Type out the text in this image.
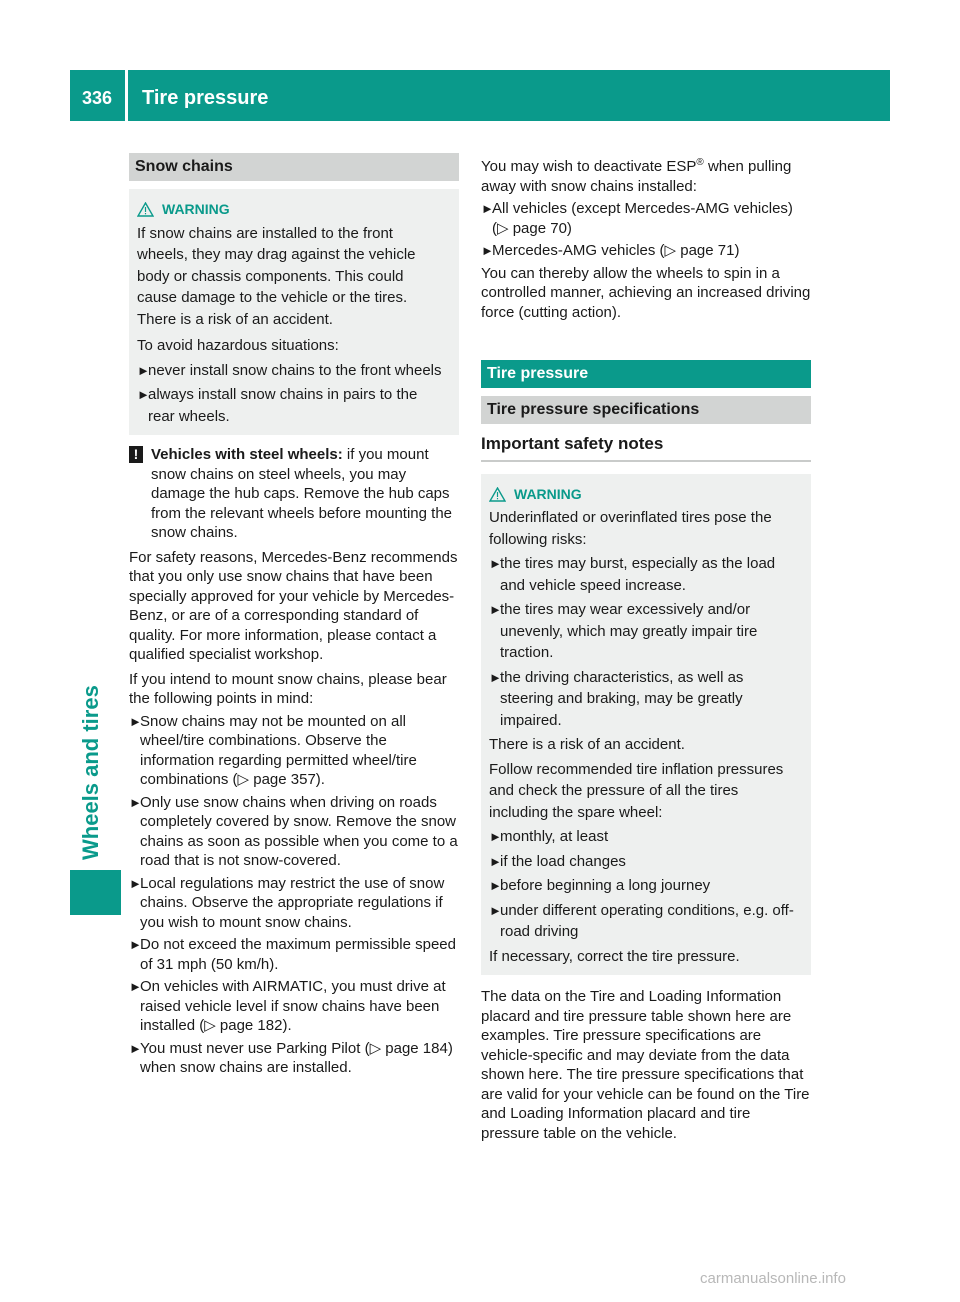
336 Tire pressure
Wheels and tires
Snow chains
WARNING

If snow chains are installed to the front wheels, they may drag against the vehicle body or chassis components. This could cause damage to the vehicle or the tires. There is a risk of an accident.

To avoid hazardous situations:

►
never install snow chains to the front wheels
►
always install snow chains in pairs to the rear wheels.
! Vehicles with steel wheels: if you mount snow chains on steel wheels, you may damage the hub caps. Remove the hub caps from the relevant wheels before mounting the snow chains.

For safety reasons, Mercedes-Benz recommends that you only use snow chains that have been specially approved for your vehicle by Mercedes-Benz, or are of a corresponding standard of quality. For more information, please contact a qualified specialist workshop.

If you intend to mount snow chains, please bear the following points in mind:

►
Snow chains may not be mounted on all wheel/tire combinations. Observe the information regarding permitted wheel/tire combinations (▷ page 357).
►
Only use snow chains when driving on roads completely covered by snow. Remove the snow chains as soon as possible when you come to a road that is not snow-covered.
►
Local regulations may restrict the use of snow chains. Observe the appropriate regulations if you wish to mount snow chains.
►
Do not exceed the maximum permissible speed of 31 mph (50 km/h).
►
On vehicles with AIRMATIC, you must drive at raised vehicle level if snow chains have been installed (▷ page 182).
►
You must never use Parking Pilot (▷ page 184) when snow chains are installed.

You may wish to deactivate ESP® when pulling away with snow chains installed:

►
All vehicles (except Mercedes-AMG vehicles) (▷ page 70)
►
Mercedes-AMG vehicles (▷ page 71)

You can thereby allow the wheels to spin in a controlled manner, achieving an increased driving force (cutting action).

Tire pressure
Tire pressure specifications
Important safety notes
WARNING

Underinflated or overinflated tires pose the following risks:

►
the tires may burst, especially as the load and vehicle speed increase.
►
the tires may wear excessively and/or unevenly, which may greatly impair tire traction.
►
the driving characteristics, as well as steering and braking, may be greatly impaired.

There is a risk of an accident.

Follow recommended tire inflation pressures and check the pressure of all the tires including the spare wheel:

►
monthly, at least
►
if the load changes
►
before beginning a long journey
►
under different operating conditions, e.g. off-road driving

If necessary, correct the tire pressure.

The data on the Tire and Loading Information placard and tire pressure table shown here are examples. Tire pressure specifications are vehicle-specific and may deviate from the data shown here. The tire pressure specifications that are valid for your vehicle can be found on the Tire and Loading Information placard and tire pressure table on the vehicle.

carmanualsonline.info
